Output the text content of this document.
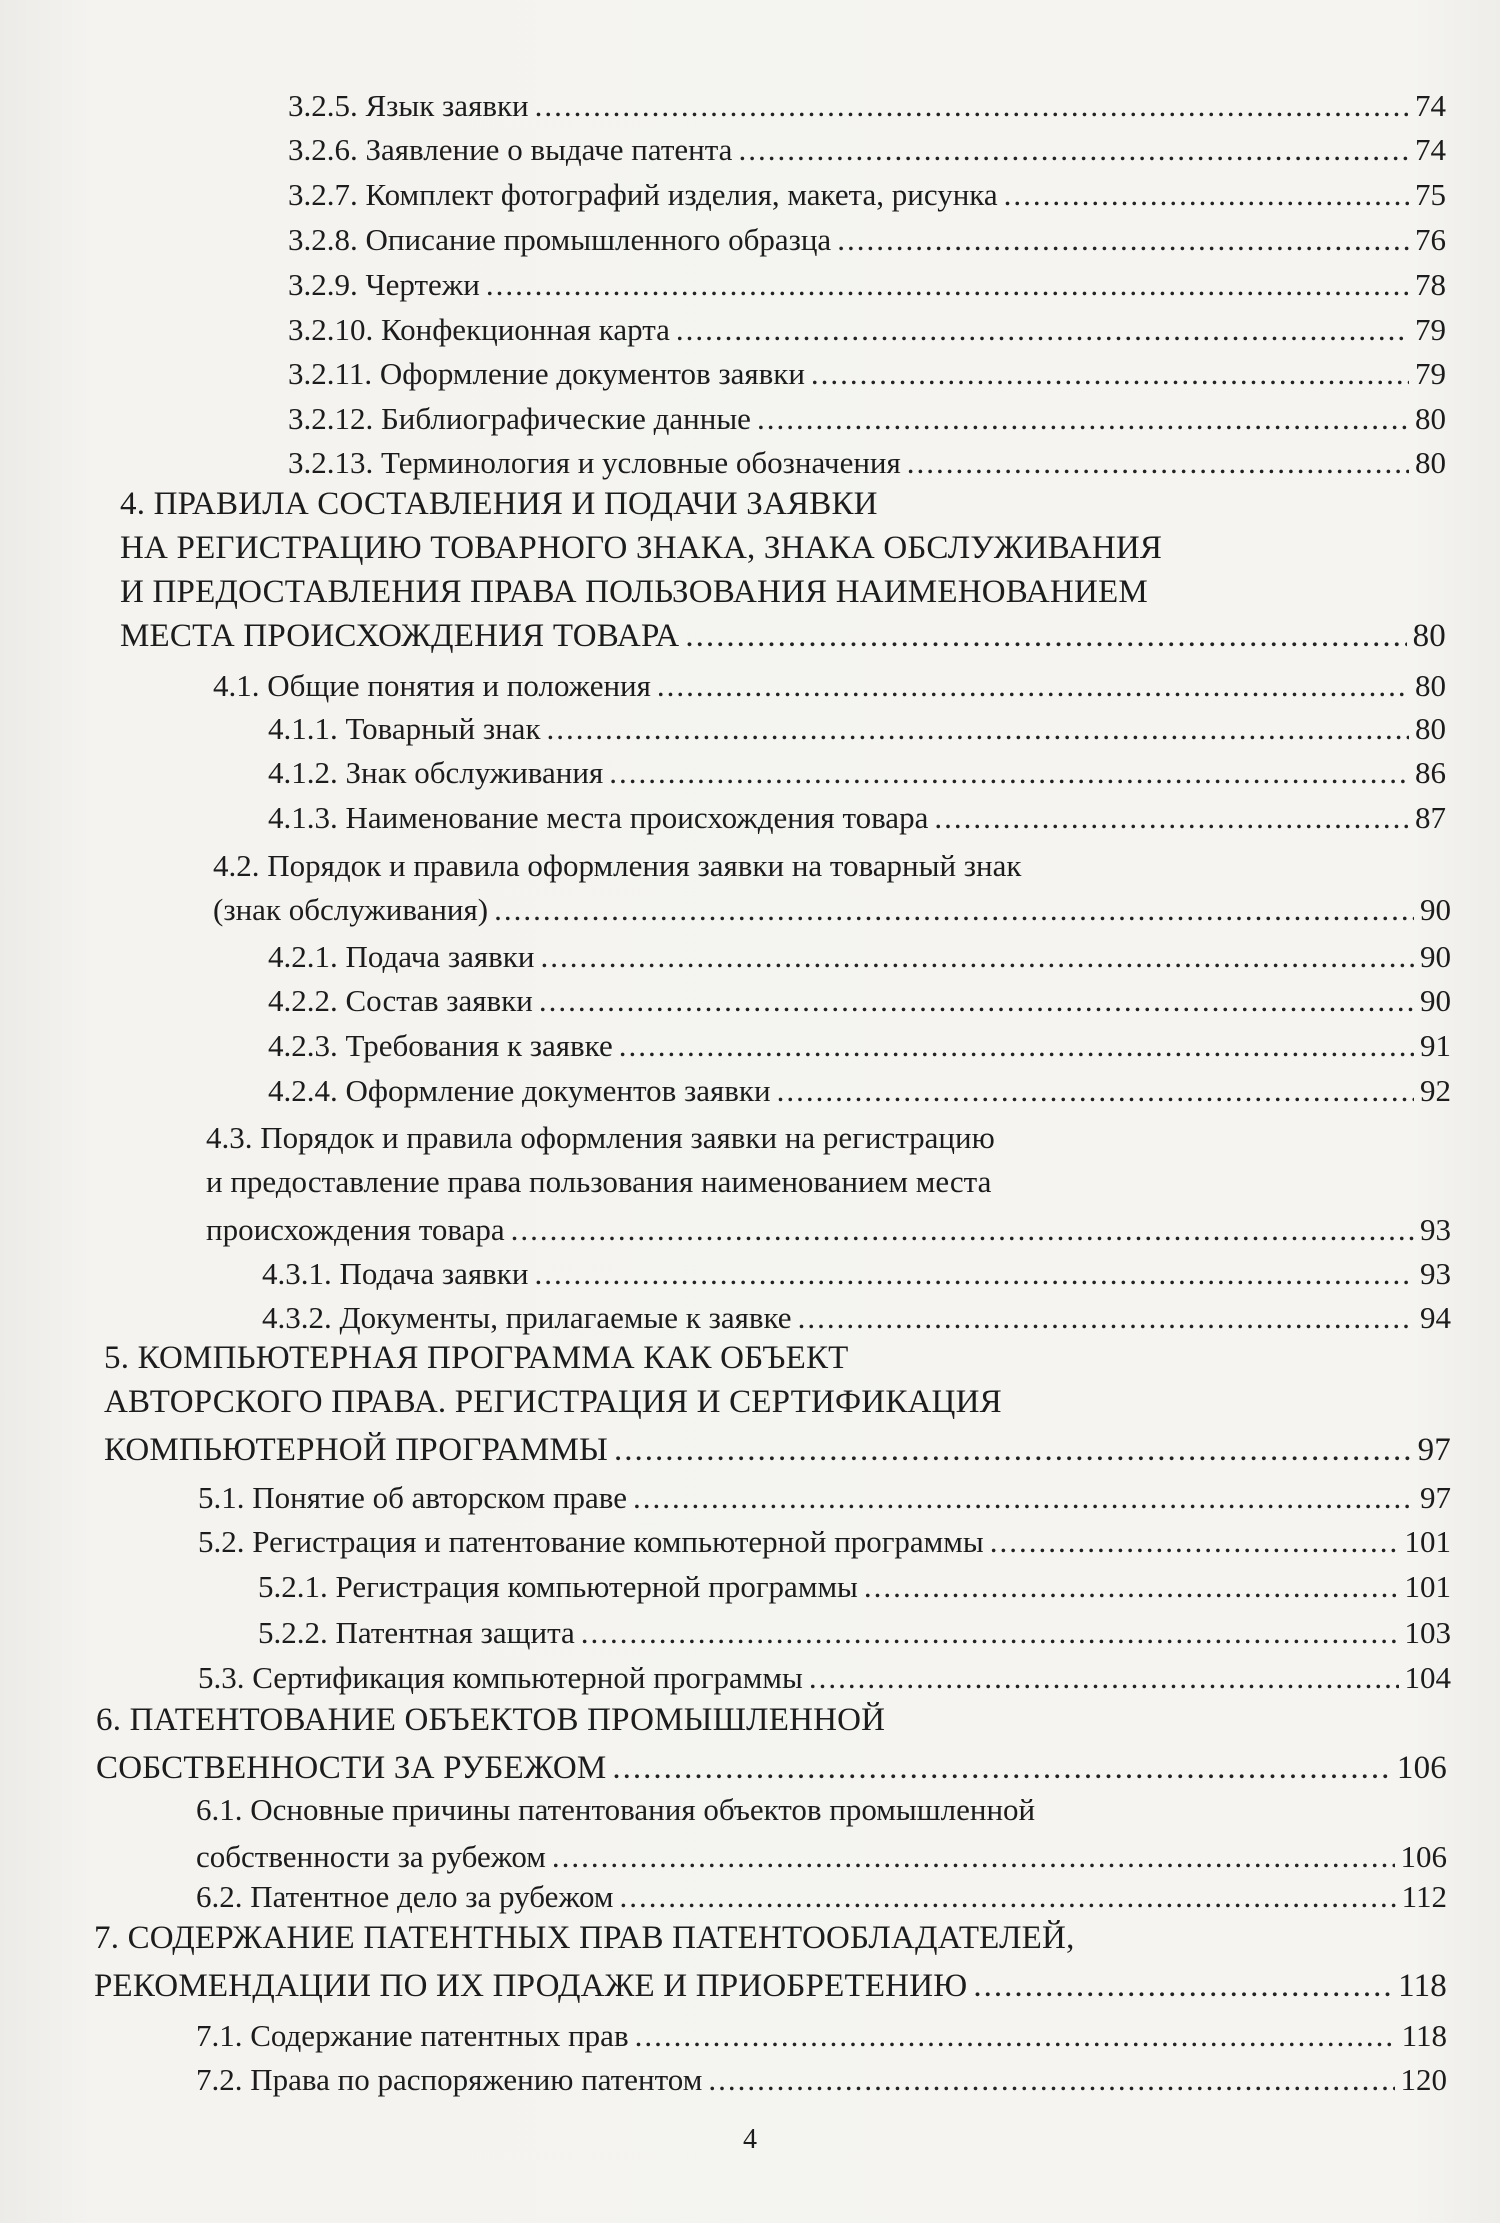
3.2.5. Язык заявки .....	74
3.2.6. Заявление о выдаче патента .....	74
3.2.7. Комплект фотографий изделия, макета, рисунка .....	75
3.2.8. Описание промышленного образца .....	76
3.2.9. Чертежи .....	78
3.2.10. Конфекционная карта .....	79
3.2.11. Оформление документов заявки .....	79
3.2.12. Библиографические данные .....	80
3.2.13. Терминология и условные обозначения .....	80
4. ПРАВИЛА СОСТАВЛЕНИЯ И ПОДАЧИ ЗАЯВКИ
НА РЕГИСТРАЦИЮ ТОВАРНОГО ЗНАКА, ЗНАКА ОБСЛУЖИВАНИЯ
И ПРЕДОСТАВЛЕНИЯ ПРАВА ПОЛЬЗОВАНИЯ НАИМЕНОВАНИЕМ
МЕСТА ПРОИСХОЖДЕНИЯ ТОВАРА .....	80
4.1. Общие понятия и положения .....	80
4.1.1. Товарный знак .....	80
4.1.2. Знак обслуживания .....	86
4.1.3. Наименование места происхождения товара .....	87
4.2. Порядок и правила оформления заявки на товарный знак
(знак обслуживания) .....	90
4.2.1. Подача заявки .....	90
4.2.2. Состав заявки .....	90
4.2.3. Требования к заявке .....	91
4.2.4. Оформление документов заявки .....	92
4.3. Порядок и правила оформления заявки на регистрацию
и предоставление права пользования наименованием места
происхождения товара .....	93
4.3.1. Подача заявки .....	93
4.3.2. Документы, прилагаемые к заявке .....	94
5. КОМПЬЮТЕРНАЯ ПРОГРАММА КАК ОБЪЕКТ
АВТОРСКОГО ПРАВА. РЕГИСТРАЦИЯ И СЕРТИФИКАЦИЯ
КОМПЬЮТЕРНОЙ ПРОГРАММЫ .....	97
5.1. Понятие об авторском праве .....	97
5.2. Регистрация и патентование компьютерной программы .....	101
5.2.1. Регистрация компьютерной программы .....	101
5.2.2. Патентная защита .....	103
5.3. Сертификация компьютерной программы .....	104
6. ПАТЕНТОВАНИЕ ОБЪЕКТОВ ПРОМЫШЛЕННОЙ
СОБСТВЕННОСТИ ЗА РУБЕЖОМ .....	106
6.1. Основные причины патентования объектов промышленной
собственности за рубежом .....	106
6.2. Патентное дело за рубежом .....	112
7. СОДЕРЖАНИЕ ПАТЕНТНЫХ ПРАВ ПАТЕНТООБЛАДАТЕЛЕЙ,
РЕКОМЕНДАЦИИ ПО ИХ ПРОДАЖЕ И ПРИОБРЕТЕНИЮ .....	118
7.1. Содержание патентных прав .....	118
7.2. Права по распоряжению патентом .....	120
4
